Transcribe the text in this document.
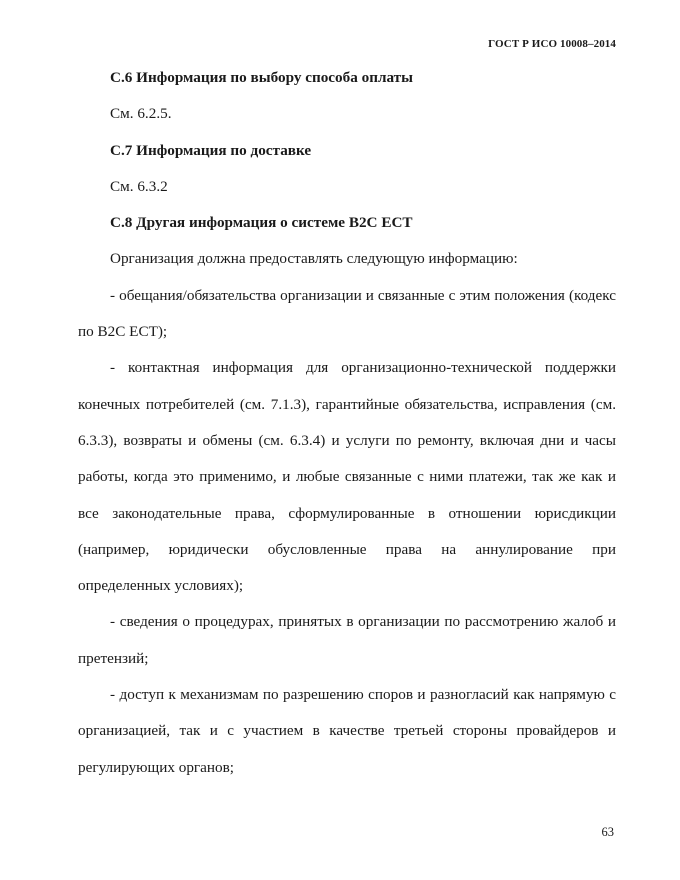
ГОСТ Р ИСО 10008–2014

С.6 Информация по выбору способа оплаты

См. 6.2.5.

С.7 Информация по доставке

См. 6.3.2

С.8 Другая информация о системе B2C ECT

Организация должна предоставлять следующую информацию:

- обещания/обязательства организации и связанные с этим положения (кодекс по B2C ECT);

- контактная информация для организационно-технической поддержки конечных потребителей (см. 7.1.3), гарантийные обязательства, исправления (см. 6.3.3), возвраты и обмены (см. 6.3.4) и услуги по ремонту, включая дни и часы работы, когда это применимо, и любые связанные с ними платежи, так же как и все законодательные права, сформулированные в отношении юрисдикции (например, юридически обусловленные права на аннулирование при определенных условиях);

- сведения о процедурах, принятых в организации по рассмотрению жалоб и претензий;

- доступ к механизмам по разрешению споров и разногласий как напрямую с организацией, так и с участием в качестве третьей стороны провайдеров и регулирующих органов;

63
